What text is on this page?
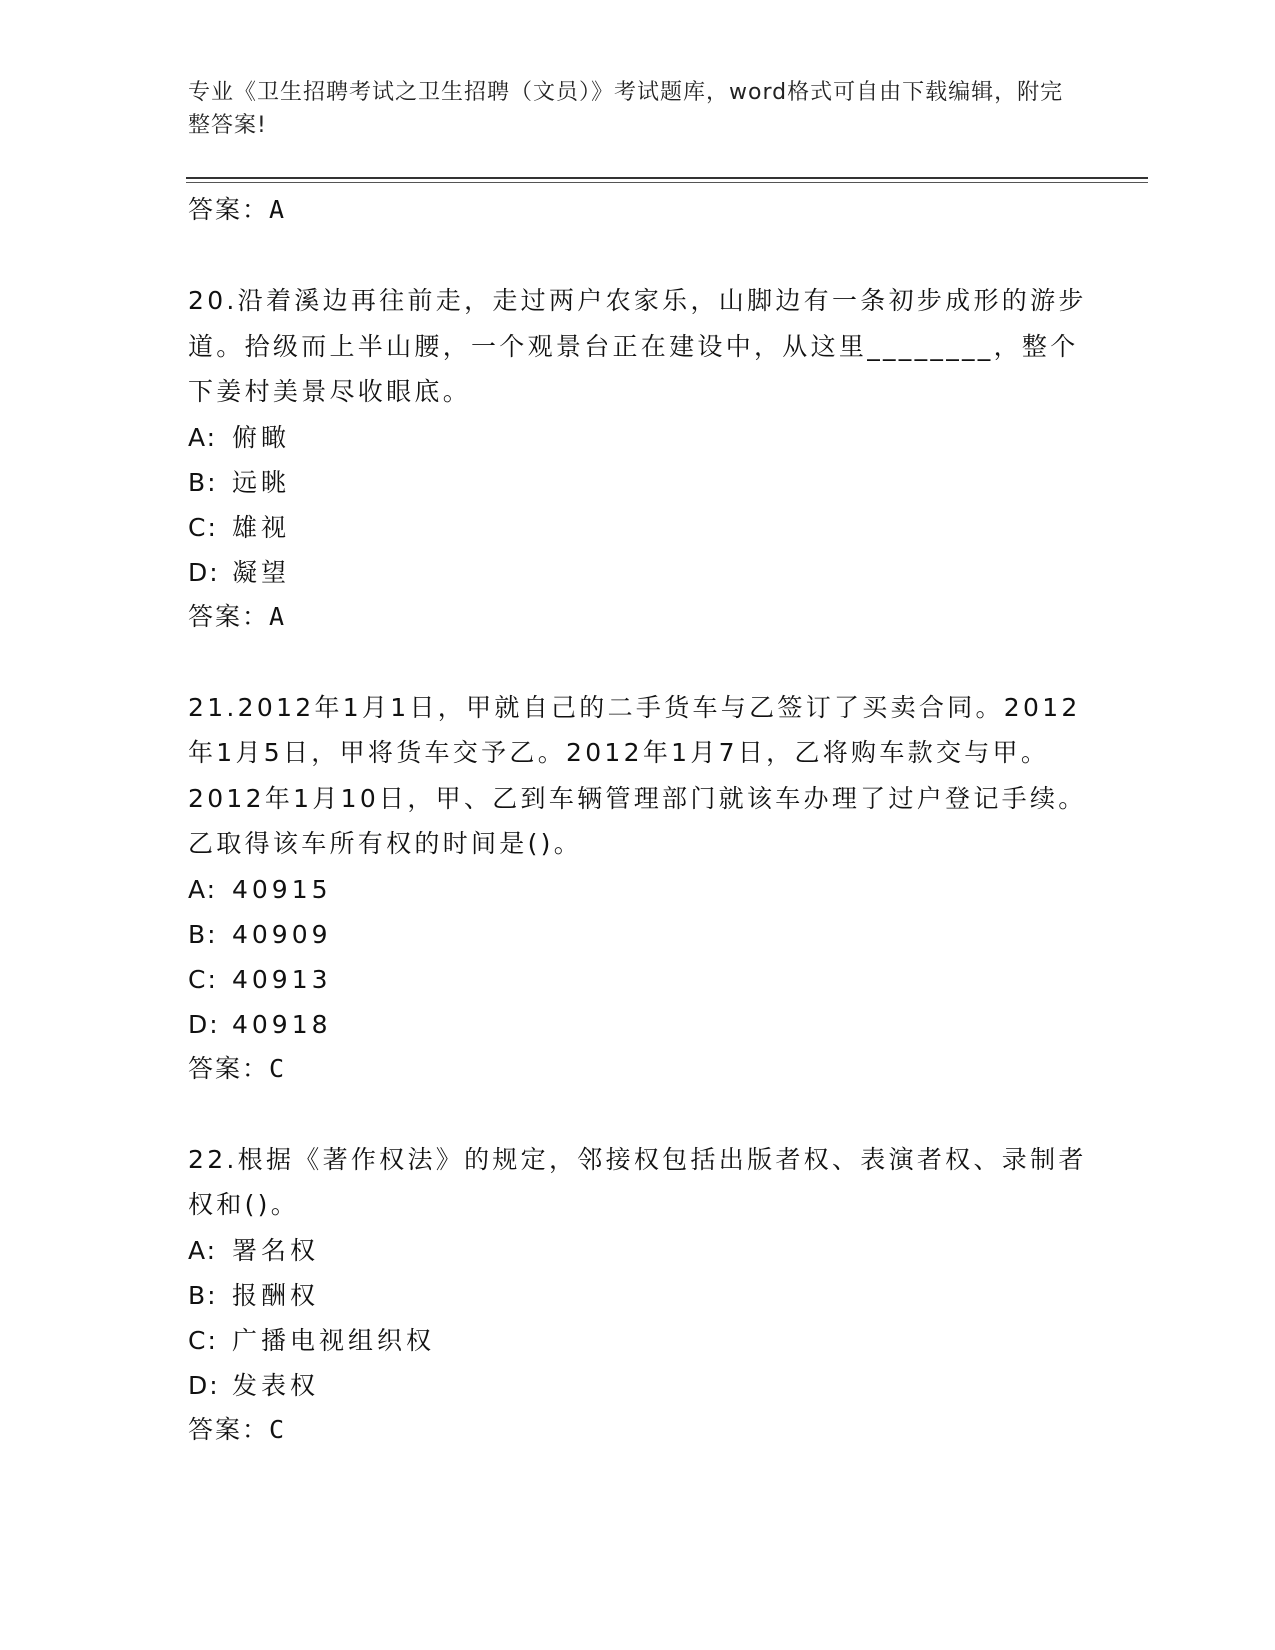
专业《卫生招聘考试之卫生招聘（文员）》考试题库，word格式可自由下载编辑，附完整答案!
答案：A
20.沿着溪边再往前走，走过两户农家乐，山脚边有一条初步成形的游步道。拾级而上半山腰，一个观景台正在建设中，从这里________，整个下姜村美景尽收眼底。
A: 俯瞰
B: 远眺
C: 雄视
D: 凝望
答案：A
21.2012年1月1日，甲就自己的二手货车与乙签订了买卖合同。2012年1月5日，甲将货车交予乙。2012年1月7日，乙将购车款交与甲。2012年1月10日，甲、乙到车辆管理部门就该车办理了过户登记手续。乙取得该车所有权的时间是()。
A: 40915
B: 40909
C: 40913
D: 40918
答案：C
22.根据《著作权法》的规定，邻接权包括出版者权、表演者权、录制者权和()。
A: 署名权
B: 报酬权
C: 广播电视组织权
D: 发表权
答案：C
